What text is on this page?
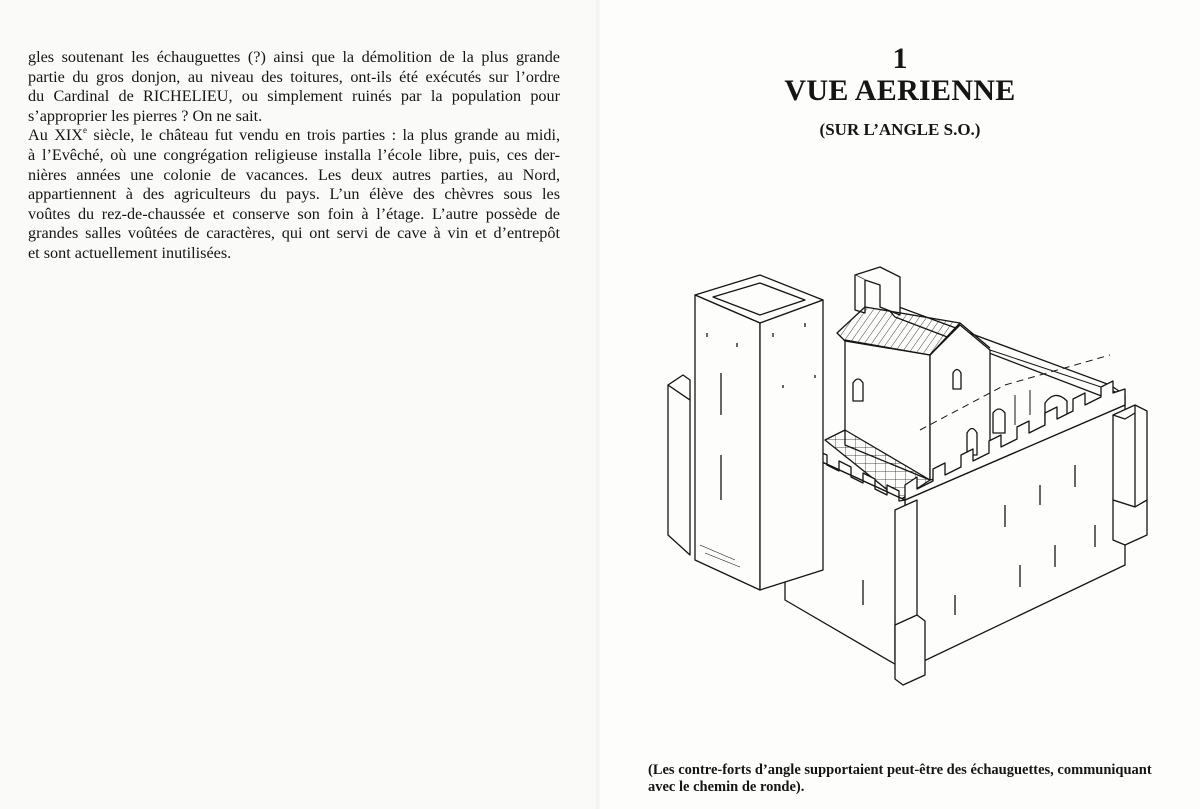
gles soutenant les échauguettes (?) ainsi que la démolition de la plus grande
partie du gros donjon, au niveau des toitures, ont-ils été exécutés sur l’ordre
du Cardinal de RICHELIEU, ou simplement ruinés par la population pour
s’approprier les pierres ? On ne sait.

Au XIXe siècle, le château fut vendu en trois parties : la plus grande au midi,
à l’Evêché, où une congrégation religieuse installa l’école libre, puis, ces der-
nières années une colonie de vacances. Les deux autres parties, au Nord,
appartiennent à des agriculteurs du pays. L’un élève des chèvres sous les
voûtes du rez-de-chaussée et conserve son foin à l’étage. L’autre possède de
grandes salles voûtées de caractères, qui ont servi de cave à vin et d’entrepôt
et sont actuellement inutilisées.

1
VUE AERIENNE
(SUR L’ANGLE S.O.)
(Les contre-forts d’angle supportaient peut-être des échauguettes, communiquant
avec le chemin de ronde).
